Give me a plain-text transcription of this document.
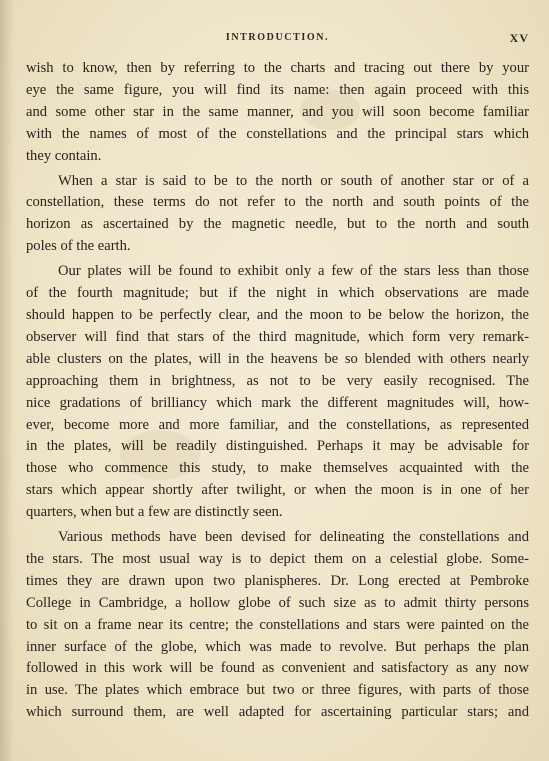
INTRODUCTION.	XV
wish to know, then by referring to the charts and tracing out there by your
eye the same figure, you will find its name: then again proceed with this
and some other star in the same manner, and you will soon become familiar
with the names of most of the constellations and the principal stars which
they contain.
When a star is said to be to the north or south of another star or of a
constellation, these terms do not refer to the north and south points of the
horizon as ascertained by the magnetic needle, but to the north and south
poles of the earth.
Our plates will be found to exhibit only a few of the stars less than those
of the fourth magnitude; but if the night in which observations are made
should happen to be perfectly clear, and the moon to be below the horizon, the
observer will find that stars of the third magnitude, which form very remark-
able clusters on the plates, will in the heavens be so blended with others nearly
approaching them in brightness, as not to be very easily recognised. The
nice gradations of brilliancy which mark the different magnitudes will, how-
ever, become more and more familiar, and the constellations, as represented
in the plates, will be readily distinguished. Perhaps it may be advisable for
those who commence this study, to make themselves acquainted with the
stars which appear shortly after twilight, or when the moon is in one of her
quarters, when but a few are distinctly seen.
Various methods have been devised for delineating the constellations and
the stars. The most usual way is to depict them on a celestial globe. Some-
times they are drawn upon two planispheres. Dr. Long erected at Pembroke
College in Cambridge, a hollow globe of such size as to admit thirty persons
to sit on a frame near its centre; the constellations and stars were painted on the
inner surface of the globe, which was made to revolve. But perhaps the plan
followed in this work will be found as convenient and satisfactory as any now
in use. The plates which embrace but two or three figures, with parts of those
which surround them, are well adapted for ascertaining particular stars; and
